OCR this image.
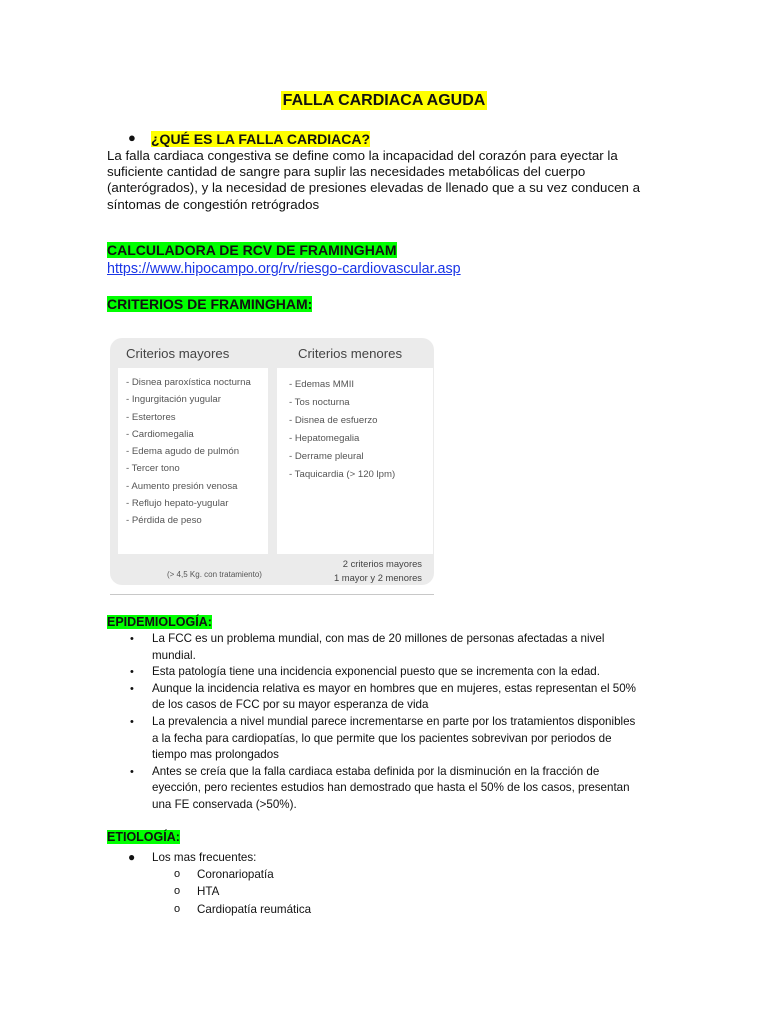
FALLA CARDIACA AGUDA
● ¿QUÉ ES LA FALLA CARDIACA?
La falla cardiaca congestiva se define como la incapacidad del corazón para eyectar la
suficiente cantidad de sangre para suplir las necesidades metabólicas del cuerpo
(anterógrados), y la necesidad de presiones elevadas de llenado que a su vez conducen a
síntomas de congestión retrógrados
CALCULADORA DE RCV DE FRAMINGHAM
https://www.hipocampo.org/rv/riesgo-cardiovascular.asp
CRITERIOS DE FRAMINGHAM:
Criterios mayores	Criterios menores
- Disnea paroxística nocturna
- Ingurgitación yugular
- Estertores
- Cardiomegalia
- Edema agudo de pulmón
- Tercer tono
- Aumento presión venosa
- Reflujo hepato-yugular
- Pérdida de peso
(> 4,5 Kg. con tratamiento)
- Edemas MMII
- Tos nocturna
- Disnea de esfuerzo
- Hepatomegalia
- Derrame pleural
- Taquicardia (> 120 lpm)
2 criterios mayores
1 mayor y 2 menores
EPIDEMIOLOGÍA:
• La FCC es un problema mundial, con mas de 20 millones de personas afectadas a nivel
mundial.
• Esta patología tiene una incidencia exponencial puesto que se incrementa con la edad.
• Aunque la incidencia relativa es mayor en hombres que en mujeres, estas representan el 50%
de los casos de FCC por su mayor esperanza de vida
• La prevalencia a nivel mundial parece incrementarse en parte por los tratamientos disponibles
a la fecha para cardiopatías, lo que permite que los pacientes sobrevivan por periodos de
tiempo mas prolongados
• Antes se creía que la falla cardiaca estaba definida por la disminución en la fracción de
eyección, pero recientes estudios han demostrado que hasta el 50% de los casos, presentan
una FE conservada (>50%).
ETIOLOGÍA:
● Los mas frecuentes:
o Coronariopatía
o HTA
o Cardiopatía reumática
